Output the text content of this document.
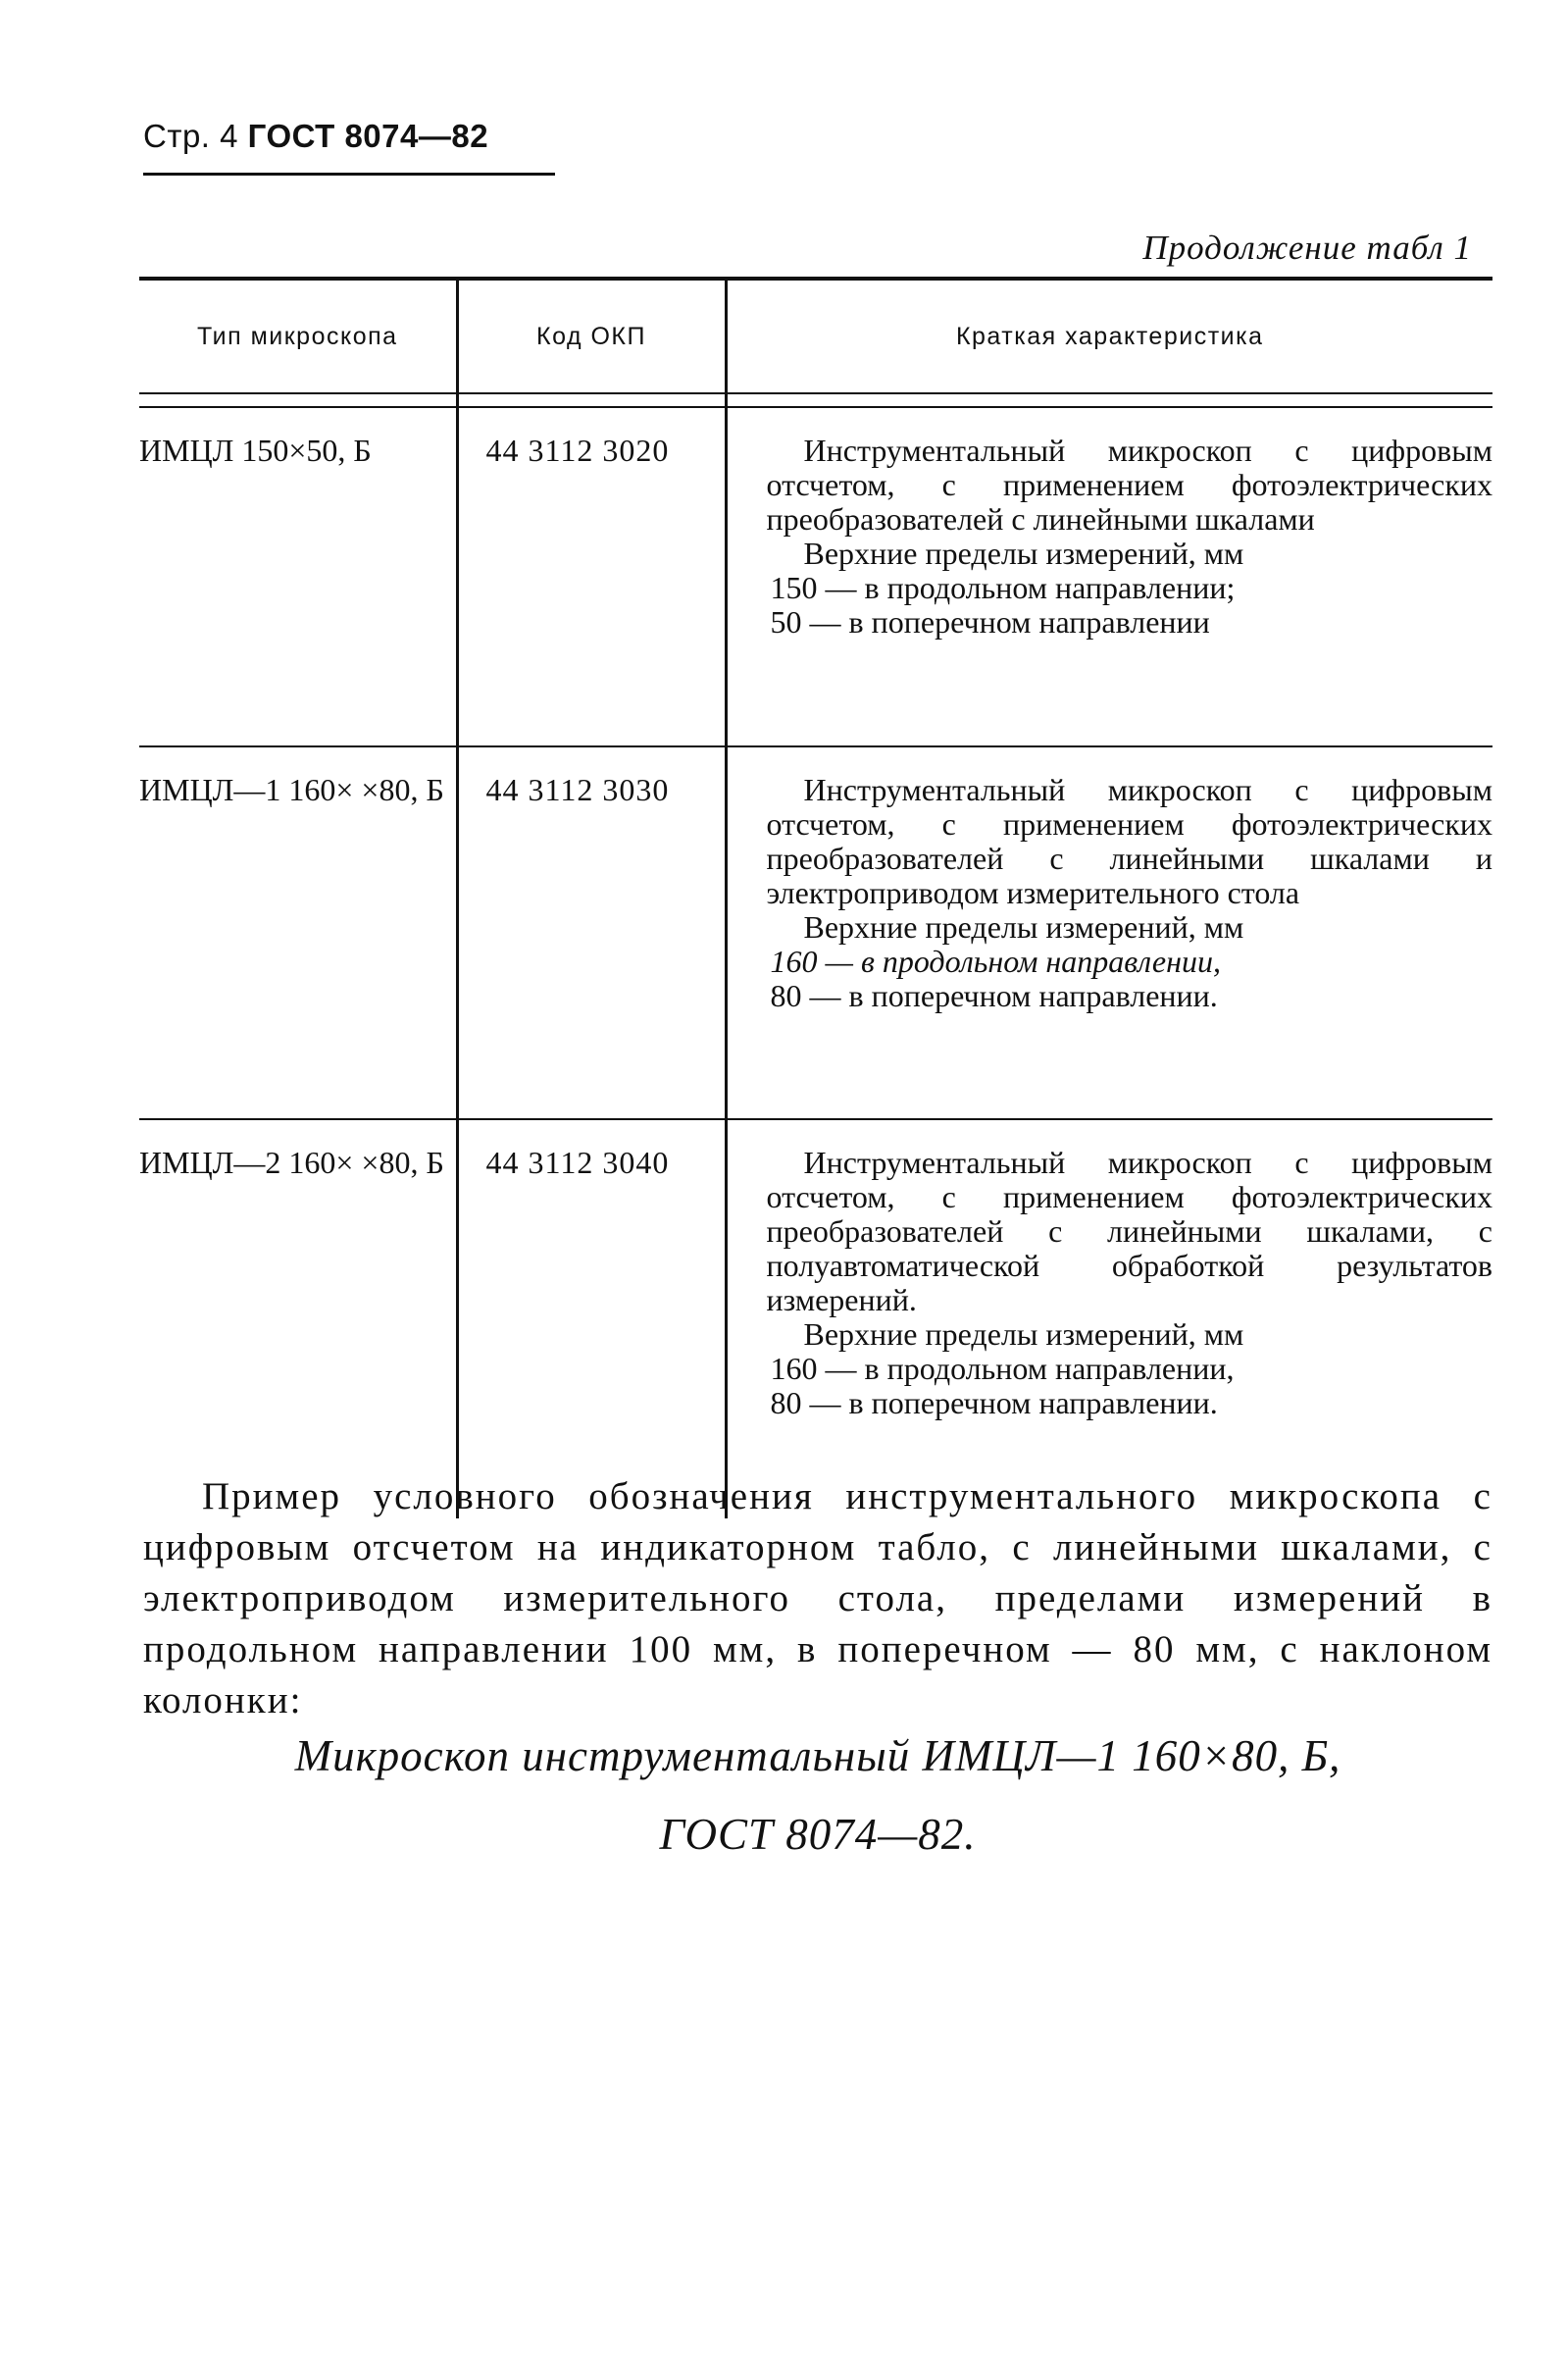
Стр. 4 ГОСТ 8074—82
Продолжение табл 1
Тип микроскопа	Код ОКП	Краткая характеристика

ИМЦЛ 150×50, Б	44 3112 3020	Инструментальный микроскоп с цифровым отсчетом, с применением фотоэлектрических преобразователей с линейными шкалами
Верхние пределы измерений, мм
150 — в продольном направлении;
50 — в поперечном направлении

ИМЦЛ—1 160× ×80, Б	44 3112 3030	Инструментальный микроскоп с цифровым отсчетом, с применением фотоэлектрических преобразователей с линейными шкалами и электроприводом измерительного стола
Верхние пределы измерений, мм
160 — в продольном направлении,
80 — в поперечном направлении.

ИМЦЛ—2 160× ×80, Б	44 3112 3040	Инструментальный микроскоп с цифровым отсчетом, с применением фотоэлектрических преобразователей с линейными шкалами, с полуавтоматической обработкой результатов измерений.
Верхние пределы измерений, мм
160 — в продольном направлении,
80 — в поперечном направлении.
Пример условного обозначения инструментального микроскопа с цифровым отсчетом на индикаторном табло, с линейными шкалами, с электроприводом измерительного стола, пределами измерений в продольном направлении 100 мм, в поперечном — 80 мм, с наклоном колонки:
Микроскоп инструментальный ИМЦЛ—1 160×80, Б,
ГОСТ 8074—82.
